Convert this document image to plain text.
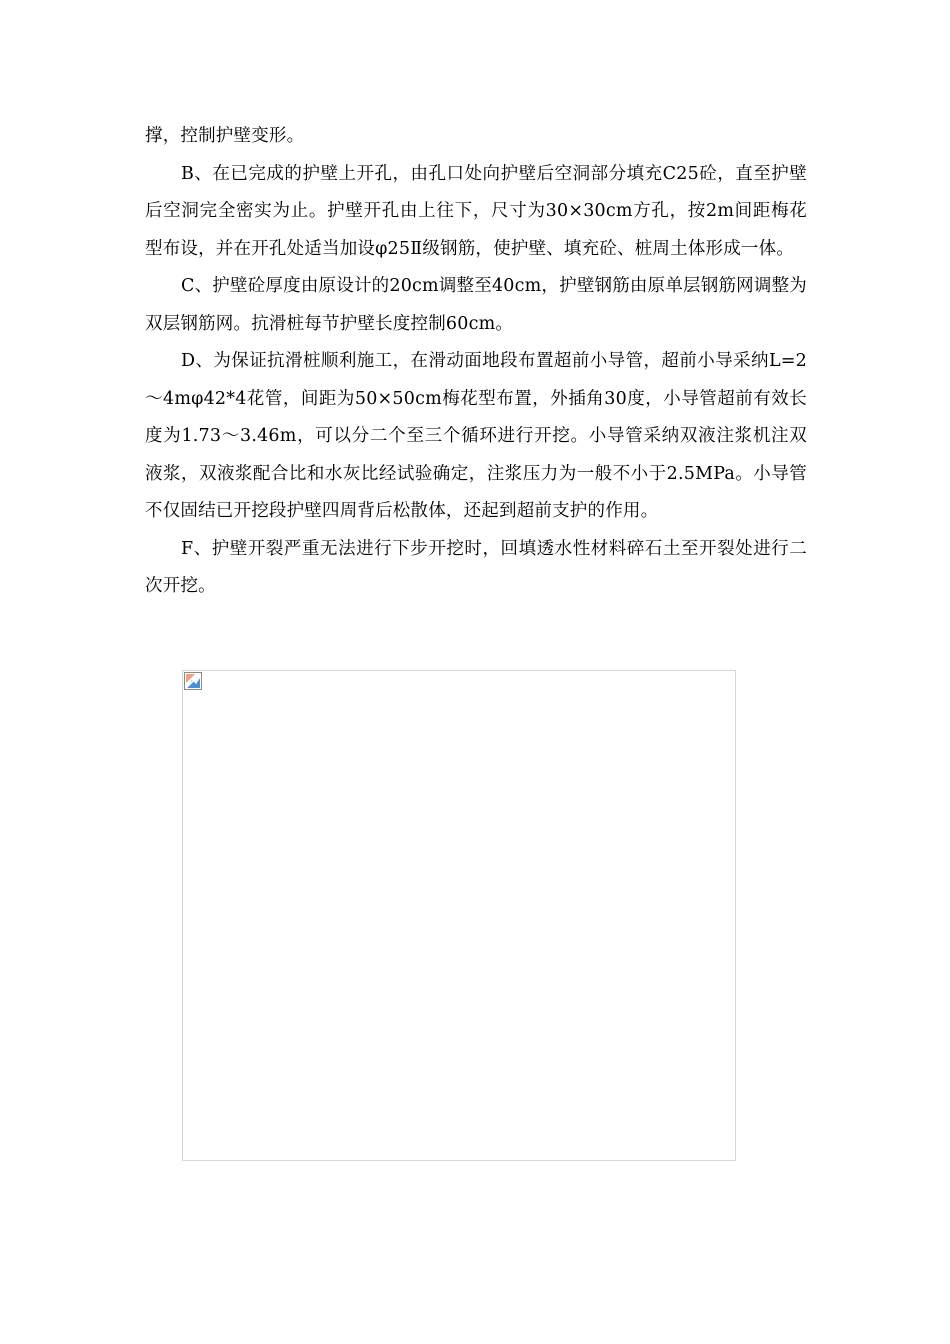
撑，控制护壁变形。

B、在已完成的护壁上开孔，由孔口处向护壁后空洞部分填充C25砼，直至护壁后空洞完全密实为止。护壁开孔由上往下，尺寸为30×30cm方孔，按2m间距梅花型布设，并在开孔处适当加设φ25Ⅱ级钢筋，使护壁、填充砼、桩周土体形成一体。

C、护壁砼厚度由原设计的20cm调整至40cm，护壁钢筋由原单层钢筋网调整为双层钢筋网。抗滑桩每节护壁长度控制60cm。

D、为保证抗滑桩顺利施工，在滑动面地段布置超前小导管，超前小导采纳L=2～4mφ42*4花管，间距为50×50cm梅花型布置，外插角30度，小导管超前有效长度为1.73～3.46m，可以分二个至三个循环进行开挖。小导管采纳双液注浆机注双液浆，双液浆配合比和水灰比经试验确定，注浆压力为一般不小于2.5MPa。小导管不仅固结已开挖段护壁四周背后松散体，还起到超前支护的作用。

F、护壁开裂严重无法进行下步开挖时，回填透水性材料碎石土至开裂处进行二次开挖。
